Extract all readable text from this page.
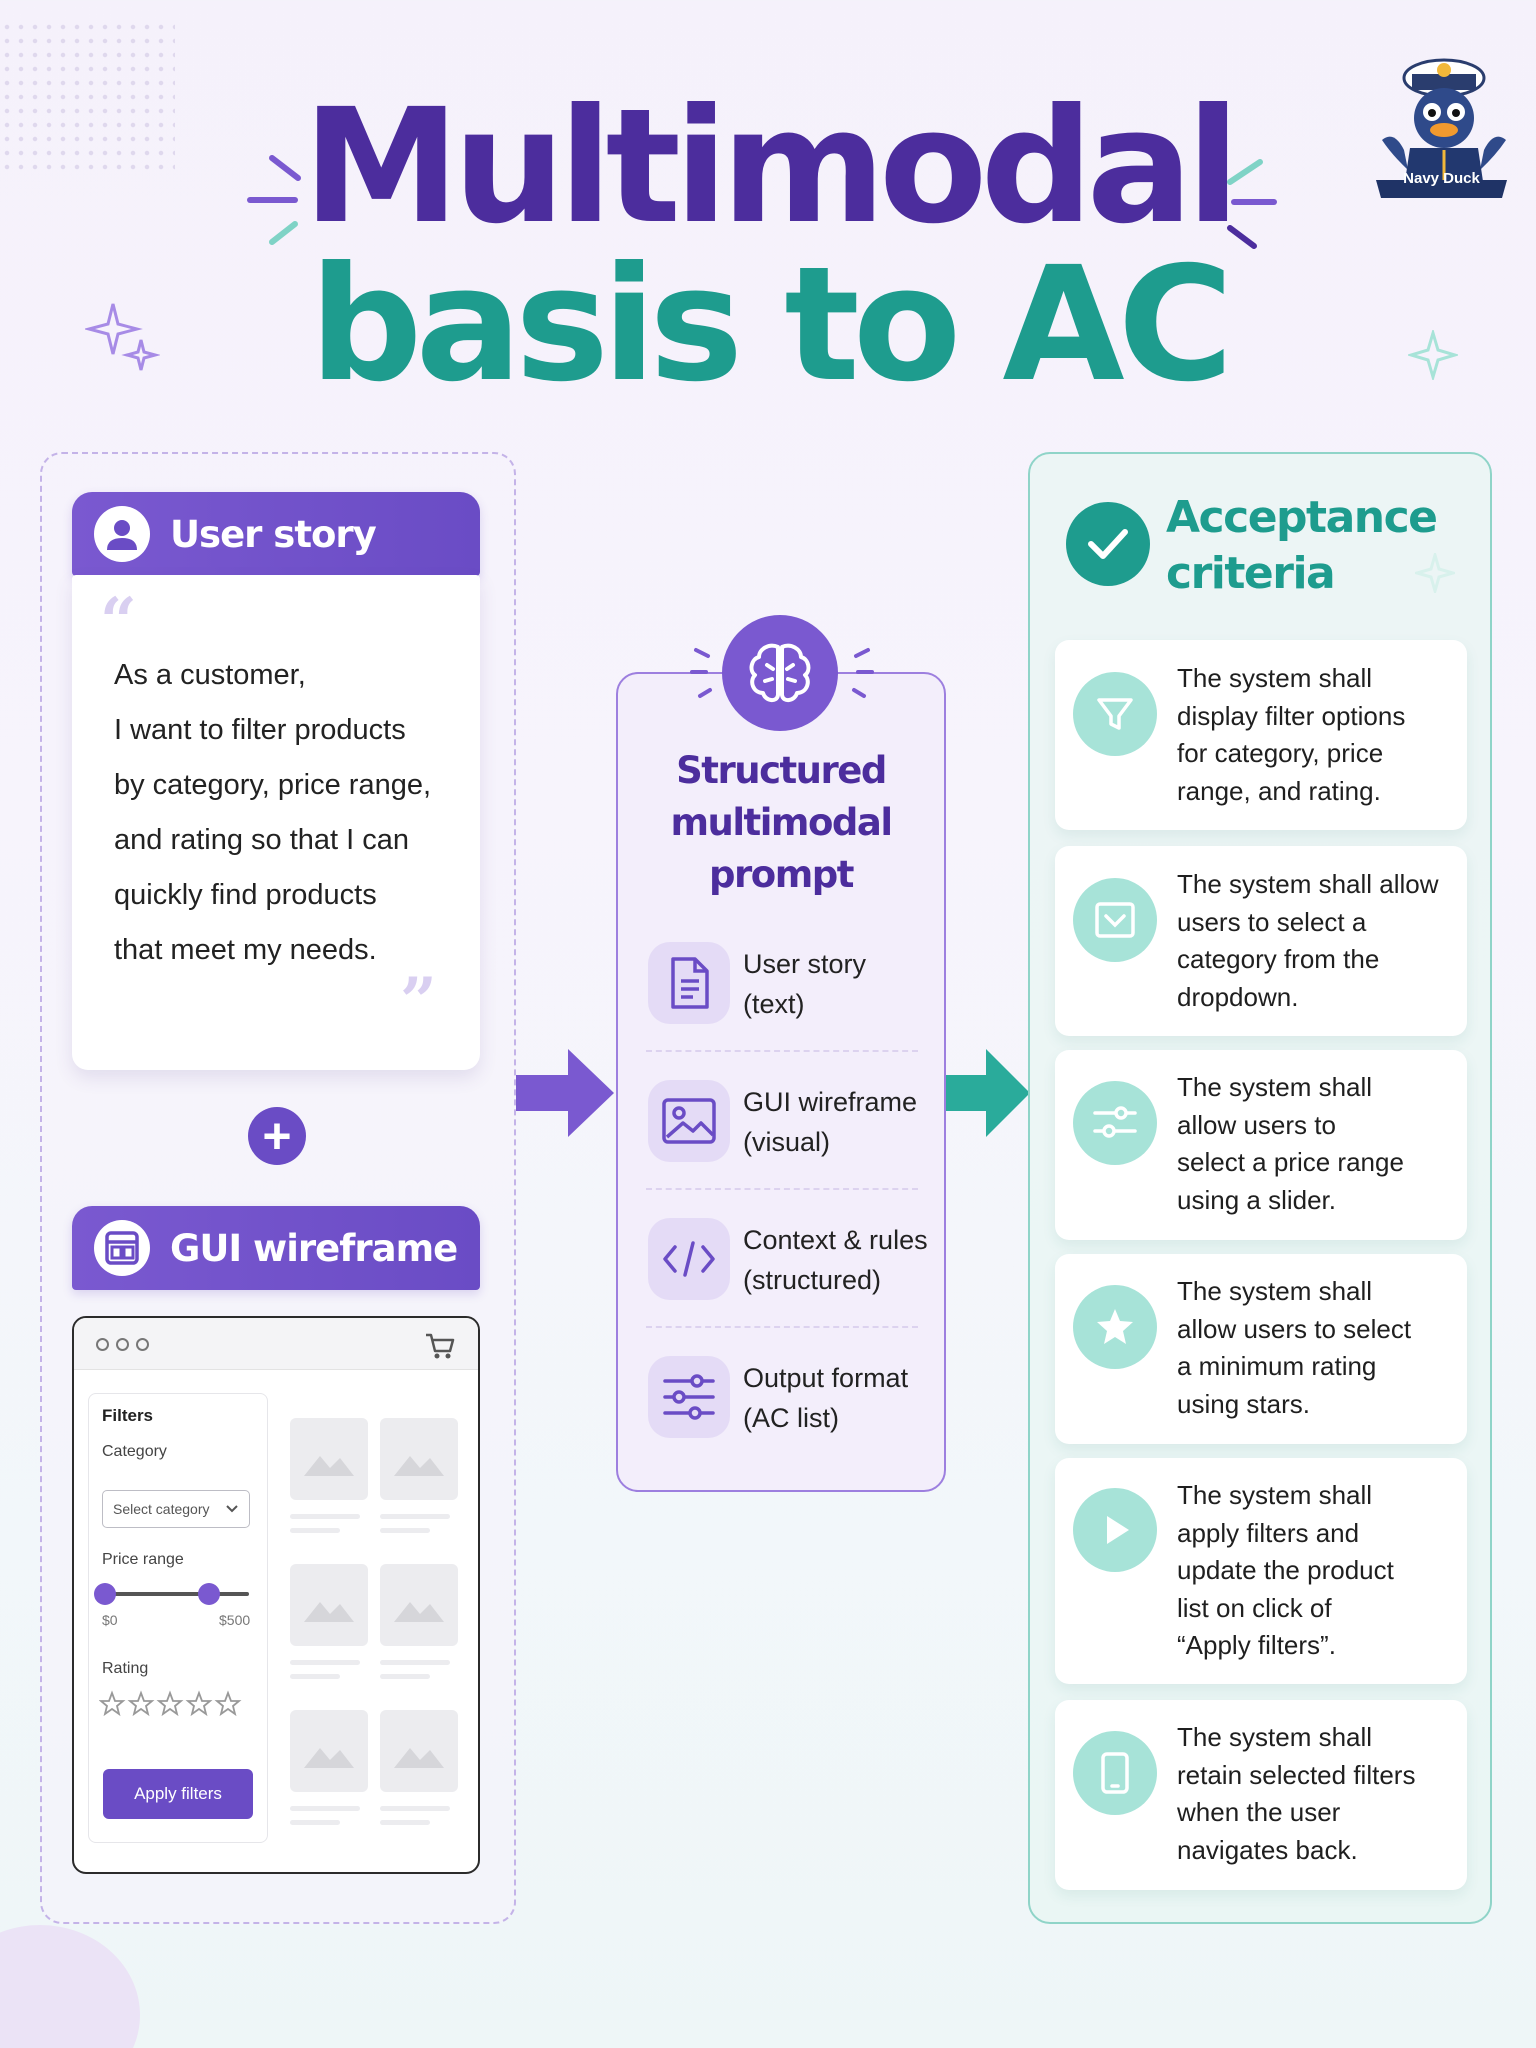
Multimodal
basis to AC
Navy Duck
User story
“
”
As a customer,
I want to filter products
by category, price range,
and rating so that I can
quickly find products
that meet my needs.
+
GUI wireframe
Filters
Category
Select category
Price range
$0	$500
Rating
Apply filters
Structured
multimodal
prompt
User story
(text)
GUI wireframe
(visual)
Context & rules
(structured)
Output format
(AC list)
Acceptance
criteria
The system shall
display filter options
for category, price
range, and rating.
The system shall allow
users to select a
category from the
dropdown.
The system shall
allow users to
select a price range
using a slider.
The system shall
allow users to select
a minimum rating
using stars.
The system shall
apply filters and
update the product
list on click of
“Apply filters”.
The system shall
retain selected filters
when the user
navigates back.
